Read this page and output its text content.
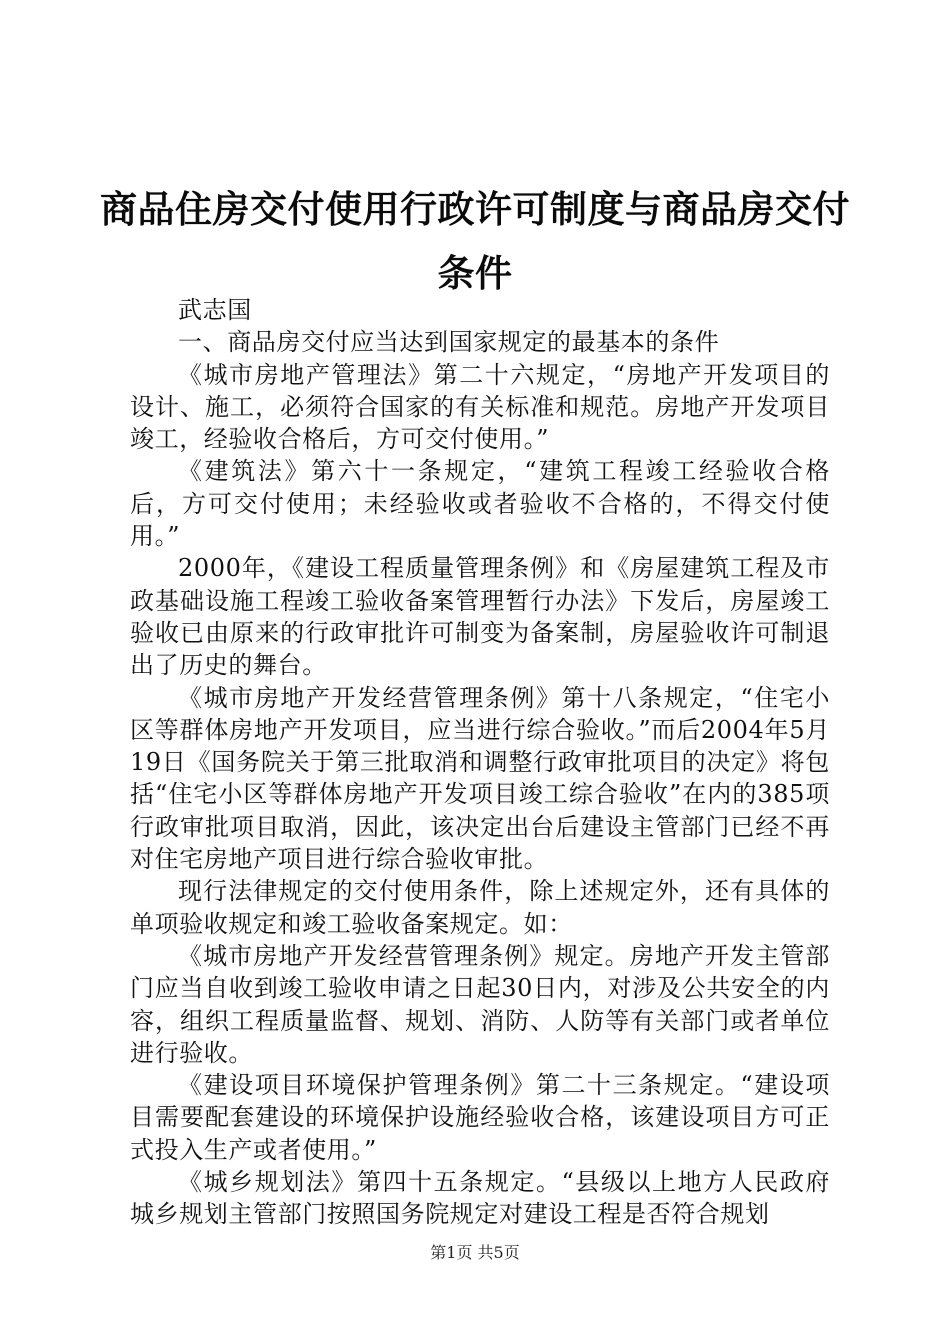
商品住房交付使用行政许可制度与商品房交付条件

武志国

一、商品房交付应当达到国家规定的最基本的条件

《城市房地产管理法》第二十六规定，“房地产开发项目的设计、施工，必须符合国家的有关标准和规范。房地产开发项目竣工，经验收合格后，方可交付使用。”

《建筑法》第六十一条规定，“建筑工程竣工经验收合格后，方可交付使用；未经验收或者验收不合格的，不得交付使用。”

2000年，《建设工程质量管理条例》和《房屋建筑工程及市政基础设施工程竣工验收备案管理暂行办法》下发后，房屋竣工验收已由原来的行政审批许可制变为备案制，房屋验收许可制退出了历史的舞台。

《城市房地产开发经营管理条例》第十八条规定，“住宅小区等群体房地产开发项目，应当进行综合验收。”而后2004年5月19日《国务院关于第三批取消和调整行政审批项目的决定》将包括“住宅小区等群体房地产开发项目竣工综合验收”在内的385项行政审批项目取消，因此，该决定出台后建设主管部门已经不再对住宅房地产项目进行综合验收审批。

现行法律规定的交付使用条件，除上述规定外，还有具体的单项验收规定和竣工验收备案规定。如：

《城市房地产开发经营管理条例》规定。房地产开发主管部门应当自收到竣工验收申请之日起30日内，对涉及公共安全的内容，组织工程质量监督、规划、消防、人防等有关部门或者单位进行验收。

《建设项目环境保护管理条例》第二十三条规定。“建设项目需要配套建设的环境保护设施经验收合格，该建设项目方可正式投入生产或者使用。”

《城乡规划法》第四十五条规定。“县级以上地方人民政府城乡规划主管部门按照国务院规定对建设工程是否符合规划

第1页 共5页
